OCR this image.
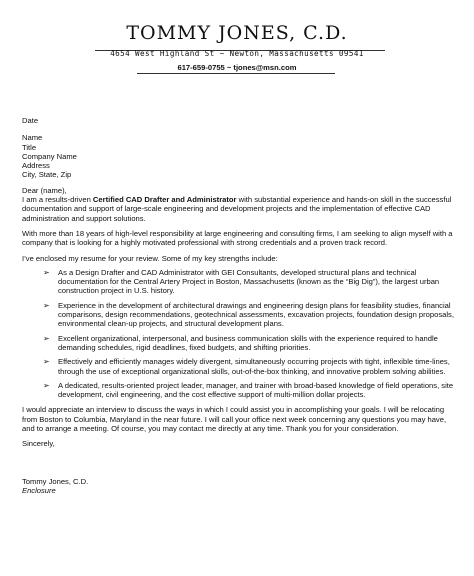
TOMMY JONES, C.D.
4654 West Highland St ~ Newton, Massachusetts 09541
617-659-0755 ~ tjones@msn.com

Date

Name

Title

Company Name

Address

City, State, Zip

Dear (name),

I am a results-driven Certified CAD Drafter and Administrator with substantial experience and hands-on skill in the successful documentation and support of large-scale engineering and development projects and the implementation of effective CAD administration and support solutions.

With more than 18 years of high-level responsibility at large engineering and consulting firms, I am seeking to align myself with a company that is looking for a highly motivated professional with strong credentials and a proven track record.

I’ve enclosed my resume for your review. Some of my key strengths include:

➢ As a Design Drafter and CAD Administrator with GEI Consultants, developed structural plans and technical documentation for the Central Artery Project in Boston, Massachusetts (known as the “Big Dig”), the largest urban construction project in U.S. history.
➢ Experience in the development of architectural drawings and engineering design plans for feasibility studies, financial comparisons, design recommendations, geotechnical assessments, excavation projects, foundation design proposals, environmental clean-up projects, and structural development plans.
➢ Excellent organizational, interpersonal, and business communication skills with the experience required to handle demanding schedules, rigid deadlines, fixed budgets, and shifting priorities.
➢ Effectively and efficiently manages widely divergent, simultaneously occurring projects with tight, inflexible time-lines, through the use of exceptional organizational skills, out-of-the-box thinking, and innovative problem solving abilities.
➢ A dedicated, results-oriented project leader, manager, and trainer with broad-based knowledge of field operations, site development, civil engineering, and the cost effective support of multi-million dollar projects.

I would appreciate an interview to discuss the ways in which I could assist you in accomplishing your goals. I will be relocating from Boston to Columbia, Maryland in the near future. I will call your office next week concerning any questions you may have, and to arrange a meeting. Of course, you may contact me directly at any time. Thank you for your consideration.

Sincerely,

Tommy Jones, C.D.

Enclosure
